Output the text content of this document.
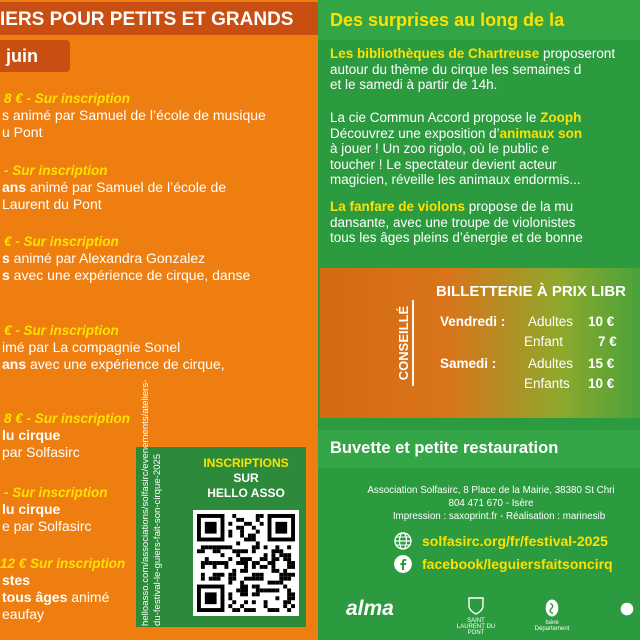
IERS POUR PETITS ET GRANDS
juin
8 € - Sur inscription
s animé par Samuel de l’école de musique
u Pont
- Sur inscription
ans animé par Samuel de l’école de
Laurent du Pont
€ - Sur inscription
s animé par Alexandra Gonzalez
s avec une expérience de cirque, danse
€ - Sur inscription
imé par La compagnie Sonel
ans avec une expérience de cirque,
8 € - Sur inscription
lu cirque
par Solfasirc
- Sur inscription
lu cirque
e par Solfasirc
12 € Sur inscription
stes
tous âges animé
eaufay	helloasso.com/associations/solfasirc/evenements/ateliers-du-festival-le-guiers-fait-son-cirque-2025	INSCRIPTIONS
SUR
HELLO ASSO
Des surprises au long de la
Les bibliothèques de Chartreuse proposeront
autour du thème du cirque les semaines d
et le samedi à partir de 14h.
La cie Commun Accord propose le Zooph
Découvrez une exposition d’animaux son
à jouer ! Un zoo rigolo, où le public e
toucher ! Le spectateur devient acteur
magicien, réveille les animaux endormis...
La fanfare de violons propose de la mu
dansante, avec une troupe de violonistes
tous les âges pleins d’énergie et de bonne
CONSEILLÉ
BILLETTERIE À PRIX LIBR
Vendredi : Adultes 10 €
Enfant	7 €
Samedi : Adultes 15 €
Enfants 10 €
Buvette et petite restauration
Association Solfasirc, 8 Place de la Mairie, 38380 St Chri
804 471 670 - Isère
Impression : saxoprint.fr - Réalisation : marinesib
solfasirc.org/fr/festival-2025
facebook/leguiersfaitsoncirq
alma
SAINT LAURENT DU PONT
Isère Département
